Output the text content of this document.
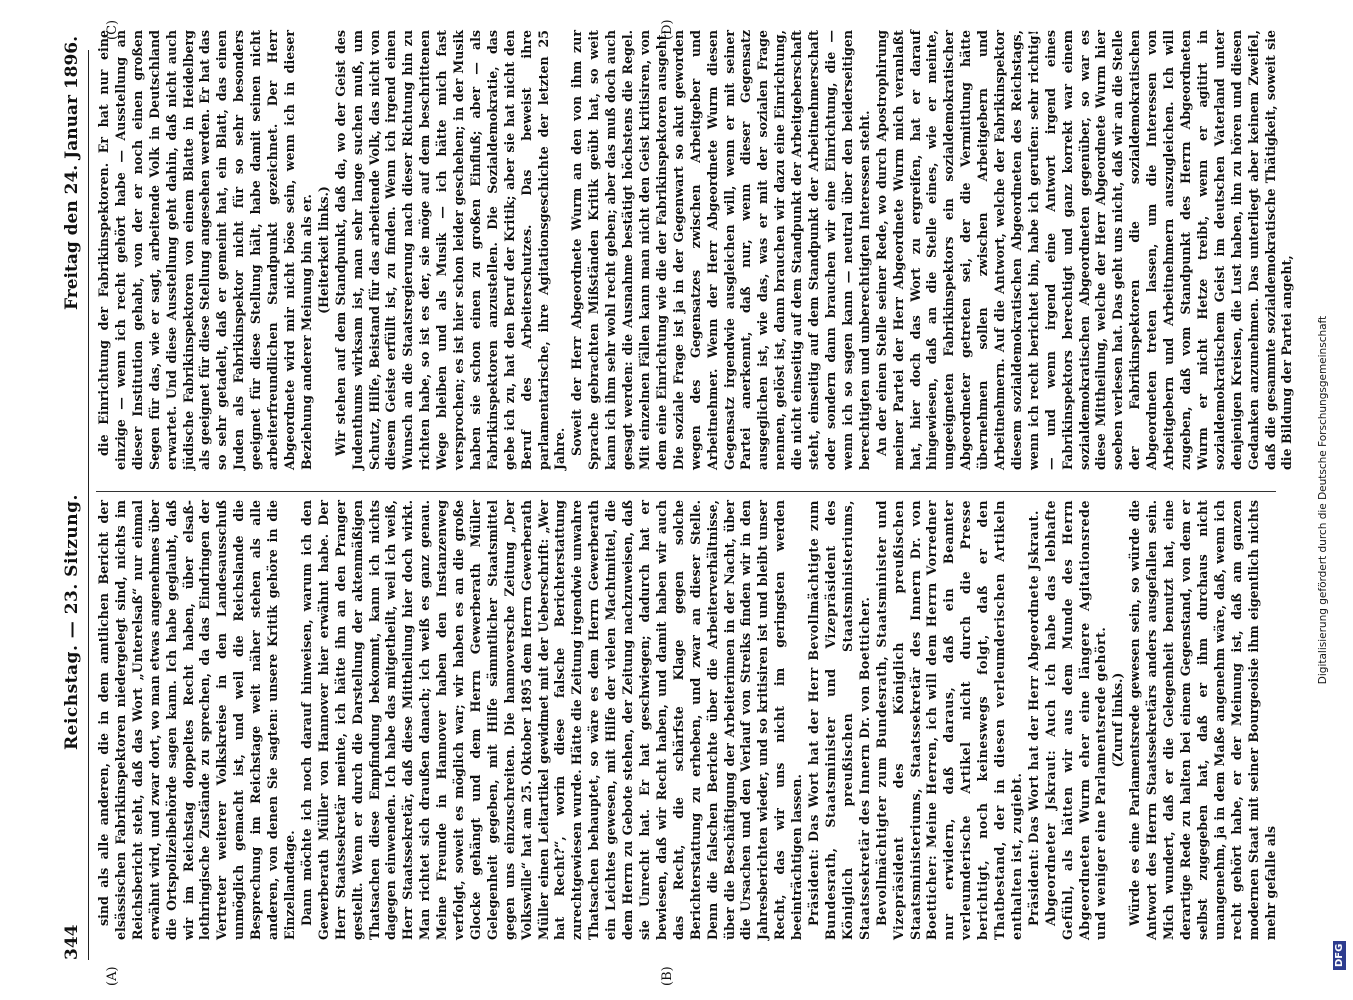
344
Reichstag. — 23. Sitzung.
Freitag den 24. Januar 1896.
(A)	(B)
(C)	(D)

sind als alle anderen, die in dem amtlichen Bericht der elsässischen Fabrikinspektoren niedergelegt sind, nichts im Reichsbericht steht, daß das Wort „Unterelsaß“ nur einmal erwähnt wird, und zwar dort, wo man etwas angenehmes über die Ortspolizeibehörde sagen kann. Ich habe geglaubt, daß wir im Reichstag doppeltes Recht haben, über elsaß-lothringische Zustände zu sprechen, da das Eindringen der Vertreter weiterer Volkskreise in den Landesausschuß unmöglich gemacht ist, und weil die Reichslande die Besprechung im Reichstage weit näher stehen als alle anderen, von denen Sie sagten: unsere Kritik gehöre in die Einzellandtage. Dann möchte ich noch darauf hinweisen, warum ich den Gewerberath Müller von Hannover hier erwähnt habe. Der Herr Staatssekretär meinte, ich hätte ihn an den Pranger gestellt. Wenn er durch die Darstellung der aktenmäßigen Thatsachen diese Empfindung bekommt, kann ich nichts dagegen einwenden. Ich habe das mitgetheilt, weil ich weiß, Herr Staatssekretär, daß diese Mittheilung hier doch wirkt. Man richtet sich draußen danach; ich weiß es ganz genau. Meine Freunde in Hannover haben den Instanzenweg verfolgt, soweit es möglich war; wir haben es an die große Glocke gehängt und dem Herrn Gewerberath Müller Gelegenheit gegeben, mit Hilfe sämmtlicher Staatsmittel gegen uns einzuschreiten. Die hannoversche Zeitung „Der Volkswille“ hat am 25. Oktober 1895 dem Herrn Gewerberath Müller einen Leitartikel gewidmet mit der Ueberschrift: „Wer hat Recht?“, worin diese falsche Berichterstattung zurechtgewiesen wurde. Hätte die Zeitung irgendwie unwahre Thatsachen behauptet, so wäre es dem Herrn Gewerberath ein Leichtes gewesen, mit Hilfe der vielen Machtmittel, die dem Herrn zu Gebote stehen, der Zeitung nachzuweisen, daß sie Unrecht hat. Er hat geschwiegen; dadurch hat er bewiesen, daß wir Recht haben, und damit haben wir auch das Recht, die schärfste Klage gegen solche Berichterstattung zu erheben, und zwar an dieser Stelle. Denn die falschen Berichte über die Arbeiterverhältnisse, über die Beschäftigung der Arbeiterinnen in der Nacht, über die Ursachen und den Verlauf von Streiks finden wir in den Jahresberichten wieder, und so kritisiren ist und bleibt unser Recht, das wir uns nicht im geringsten werden beeinträchtigen lassen. Präsident: Das Wort hat der Herr Bevollmächtigte zum Bundesrath, Staatsminister und Vizepräsident des Königlich preußischen Staatsministeriums, Staatssekretär des Innern Dr. von Boetticher. Bevollmächtigter zum Bundesrath, Staatsminister und Vizepräsident des Königlich preußischen Staatsministeriums, Staatssekretär des Innern Dr. von Boetticher: Meine Herren, ich will dem Herrn Vorredner nur erwidern, daß daraus, daß ein Beamter verleumderische Artikel nicht durch die Presse berichtigt, noch keineswegs folgt, daß er den Thatbestand, der in diesen verleumderischen Artikeln enthalten ist, zugiebt. Präsident: Das Wort hat der Herr Abgeordnete Jskraut. Abgeordneter Jskraut: Auch ich habe das lebhafte Gefühl, als hätten wir aus dem Munde des Herrn Abgeordneten Wurm eher eine längere Agitationsrede und weniger eine Parlamentsrede gehört. (Zuruf links.) Würde es eine Parlamentsrede gewesen sein, so würde die Antwort des Herrn Staatssekretärs anders ausgefallen sein. Mich wundert, daß er die Gelegenheit benutzt hat, eine derartige Rede zu halten bei einem Gegenstand, von dem er selbst zugegeben hat, daß er ihm durchaus nicht unangenehm, ja in dem Maße angenehm wäre, daß, wenn ich recht gehört habe, er der Meinung ist, daß am ganzen modernen Staat mit seiner Bourgeoisie ihm eigentlich nichts mehr gefalle als

die Einrichtung der Fabrikinspektoren. Er hat nur eine einzige — wenn ich recht gehört habe — Ausstellung an dieser Institution gehabt, von der er noch einen großen Segen für das, wie er sagt, arbeitende Volk in Deutschland erwartet. Und diese Ausstellung geht dahin, daß nicht auch jüdische Fabrikinspektoren von einem Blatte in Heidelberg als geeignet für diese Stellung angesehen werden. Er hat das so sehr getadelt, daß er gemeint hat, ein Blatt, das einen Juden als Fabrikinspektor nicht für so sehr besonders geeignet für diese Stellung hält, habe damit seinen nicht arbeiterfreundlichen Standpunkt gezeichnet. Der Herr Abgeordnete wird mir nicht böse sein, wenn ich in dieser Beziehung anderer Meinung bin als er. (Heiterkeit links.) Wir stehen auf dem Standpunkt, daß da, wo der Geist des Judenthums wirksam ist, man sehr lange suchen muß, um Schutz, Hilfe, Beistand für das arbeitende Volk, das nicht von diesem Geiste erfüllt ist, zu finden. Wenn ich irgend einen Wunsch an die Staatsregierung nach dieser Richtung hin zu richten habe, so ist es der, sie möge auf dem beschrittenen Wege bleiben und als Musik — ich hätte mich fast versprochen; es ist hier schon leider geschehen; in der Musik haben sie schon einen zu großen Einfluß; aber — als Fabrikinspektoren anzustellen. Die Sozialdemokratie, das gebe ich zu, hat den Beruf der Kritik; aber sie hat nicht den Beruf des Arbeiterschutzes. Das beweist ihre parlamentarische, ihre Agitationsgeschichte der letzten 25 Jahre. Soweit der Herr Abgeordnete Wurm an den von ihm zur Sprache gebrachten Mißständen Kritik geübt hat, so weit kann ich ihm sehr wohl recht geben; aber das muß doch auch gesagt werden: die Ausnahme bestätigt höchstens die Regel. Mit einzelnen Fällen kann man nicht den Geist kritisiren, von dem eine Einrichtung wie die der Fabrikinspektoren ausgeht. Die soziale Frage ist ja in der Gegenwart so akut geworden wegen des Gegensatzes zwischen Arbeitgeber und Arbeitnehmer. Wenn der Herr Abgeordnete Wurm diesen Gegensatz irgendwie ausgleichen will, wenn er mit seiner Partei anerkennt, daß nur, wenn dieser Gegensatz ausgeglichen ist, wie das, was er mit der sozialen Frage nennen, gelöst ist, dann brauchen wir dazu eine Einrichtung, die nicht einseitig auf dem Standpunkt der Arbeitgeberschaft steht, einseitig auf dem Standpunkt der Arbeitnehmerschaft oder sondern dann brauchen wir eine Einrichtung, die — wenn ich so sagen kann — neutral über den beiderseitigen berechtigten und unberechtigten Interessen steht. An der einen Stelle seiner Rede, wo durch Apostrophirung meiner Partei der Herr Abgeordnete Wurm mich veranlaßt hat, hier doch das Wort zu ergreifen, hat er darauf hingewiesen, daß an die Stelle eines, wie er meinte, ungeeigneten Fabrikinspektors ein sozialdemokratischer Abgeordneter getreten sei, der die Vermittlung hätte übernehmen sollen zwischen Arbeitgebern und Arbeitnehmern. Auf die Antwort, welche der Fabrikinspektor diesem sozialdemokratischen Abgeordneten des Reichstags, wenn ich recht berichtet bin, habe ich gerufen: sehr richtig! — und wenn irgend eine Antwort irgend eines Fabrikinspektors berechtigt und ganz korrekt war einem sozialdemokratischen Abgeordneten gegenüber, so war es diese Mittheilung, welche der Herr Abgeordnete Wurm hier soeben verlesen hat. Das geht uns nicht, daß wir an die Stelle der Fabrikinspektoren die sozialdemokratischen Abgeordneten treten lassen, um die Interessen von Arbeitgebern und Arbeitnehmern auszugleichen. Ich will zugeben, daß vom Standpunkt des Herrn Abgeordneten Wurm er nicht Hetze treibt, wenn er agitirt in sozialdemokratischem Geist im deutschen Vaterland unter denjenigen Kreisen, die Lust haben, ihn zu hören und diesen Gedanken anzunehmen. Das unterliegt aber keinem Zweifel, daß die gesammte sozialdemokratische Thätigkeit, soweit sie die Bildung der Partei angeht, Digitalisierung gefördert durch die Deutsche Forschungsgemeinschaft
DFG
